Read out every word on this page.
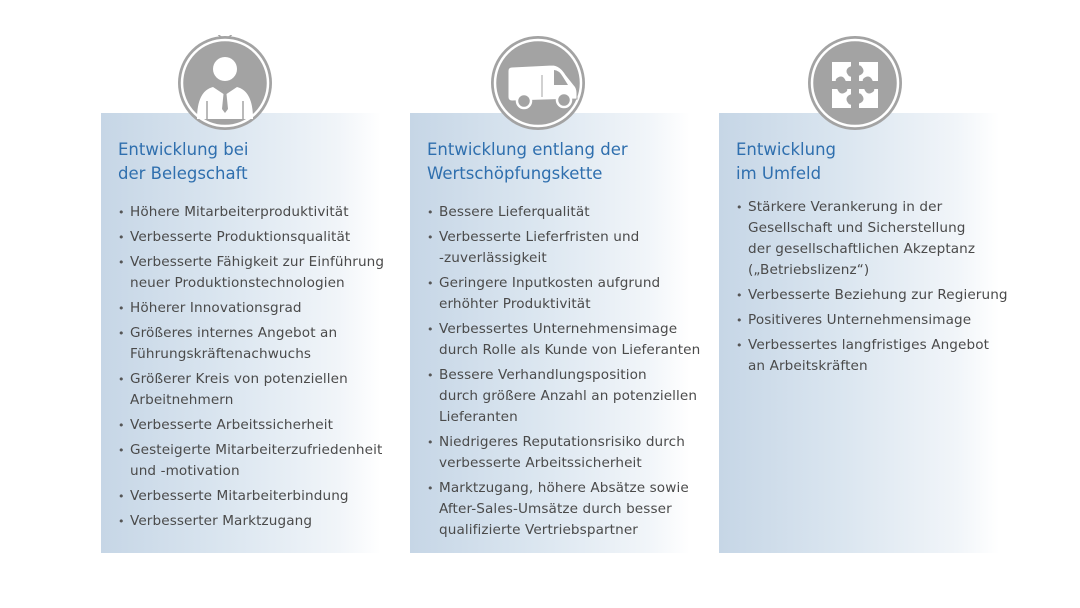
Entwicklung bei
der Belegschaft
• Höhere Mitarbeiterproduktivität
• Verbesserte Produktionsqualität
• Verbesserte Fähigkeit zur Einführung
neuer Produktionstechnologien
• Höherer Innovationsgrad
• Größeres internes Angebot an
Führungskräftenachwuchs
• Größerer Kreis von potenziellen
Arbeitnehmern
• Verbesserte Arbeitssicherheit
• Gesteigerte Mitarbeiterzufriedenheit
und -motivation
• Verbesserte Mitarbeiterbindung
• Verbesserter Marktzugang
Entwicklung entlang der
Wertschöpfungskette
• Bessere Lieferqualität
• Verbesserte Lieferfristen und
-zuverlässigkeit
• Geringere Inputkosten aufgrund
erhöhter Produktivität
• Verbessertes Unternehmensimage
durch Rolle als Kunde von Lieferanten
• Bessere Verhandlungsposition
durch größere Anzahl an potenziellen
Lieferanten
• Niedrigeres Reputationsrisiko durch
verbesserte Arbeitssicherheit
• Marktzugang, höhere Absätze sowie
After-Sales-Umsätze durch besser
qualifizierte Vertriebspartner
Entwicklung
im Umfeld
• Stärkere Verankerung in der
Gesellschaft und Sicherstellung
der gesellschaftlichen Akzeptanz
(„Betriebslizenz“)
• Verbesserte Beziehung zur Regierung
• Positiveres Unternehmensimage
• Verbessertes langfristiges Angebot
an Arbeitskräften
